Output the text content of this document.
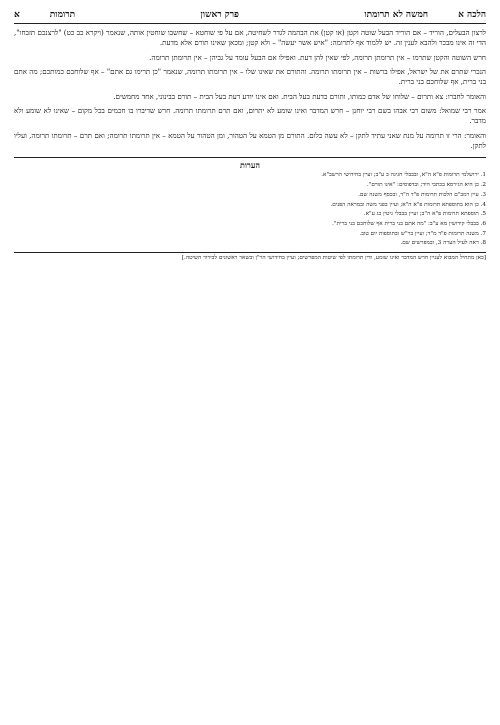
הלכה א
חמשה לא תרומתו
פרק ראשון
תרומות
אּ

לרצון הבעלים, הוריד – אם הוריד הבעל שוטה וקטן (או קטן) את הבהמה לגדר לשחיטה, אם על פי שוחטא – שחשבו שוחטין אותה, שנאמר (ויקרא כב כט) "לרצנכם תזבחו", הדי זה אינו מבכר ולהבא לענין זה. יש ללמוד אף לתרומה: "איש אשר יעשה" – ולא קטן; ומכאן שאינו תורם אלא מדעת.

חרש השוטה והקטן שתרמו – אין תרומתן תרומה, לפי שאין להן דעת. ואפילו אם הבעל עומד על גביהן – אין תרומתן תרומה.

הנכרי שתרם את של ישראל, אפילו ברשות – אין תרומתו תרומה. והתורם את שאינו שלו – אין תרומתו תרומה, שנאמר "כן תרימו גם אתם" – אף שלוחכם כמותכם; מה אתם בני ברית, אף שלוחכם בני ברית.

והאומר לחברו: צא ותרום – שלוחו של אדם כמותו, ותורם כדעת בעל הבית. ואם אינו יודע דעת בעל הבית – תורם בבינוני, אחד מחמשים.

אמר רבי שמואל: משום רבי אבהו בשם רבי יוחנן – חרש המדבר ואינו שומע לא יתרום, ואם תרם תרומתו תרומה. חרש שדיברו בו חכמים בכל מקום – שאינו לא שומע ולא מדבר.

והאומר: הרי זו תרומה על מנת שאני עתיד לתקן – לא עשה כלום. התורם מן הטמא על הטהור, ומן הטהור על הטמא – אין תרומתו תרומה; ואם תרם – תרומתו תרומה, ועליו לתקן.

הערות

1. ירושלמי תרומות פ"א ה"א, ובבבלי חגיגה ב ע"ב; ועיין בחידושי הרשב"א.

2. כן היא הגירסא בכתבי היד; ובדפוסים: "אינו תורם".

3. עיין רמב"ם הלכות תרומות פ"ד ה"ד, ובכסף משנה שם.

4. כן הוא בתוספתא תרומות פ"א ה"א; ועיין בפני משה ובמראה הפנים.

5. תוספתא תרומות פ"א ה"ב; ועיין בבבלי גיטין כג ע"א.

6. בבבלי קידושין מא ע"ב: "מה אתם בני ברית אף שלוחכם בני ברית".

7. משנה תרומות פ"ד מ"ד; ועיין בר"ש ובתוספות יום טוב.

8. ראה לעיל הערה 3, ובמפרשים שם.

[כאן מתחיל המבוא לעניין חרש המדבר ואינו שומע, ודין תרומתו לפי שיטות המפרשים; ועיין בחידושי הר"ן ובשאר ראשונים לבירור השיטה.]
